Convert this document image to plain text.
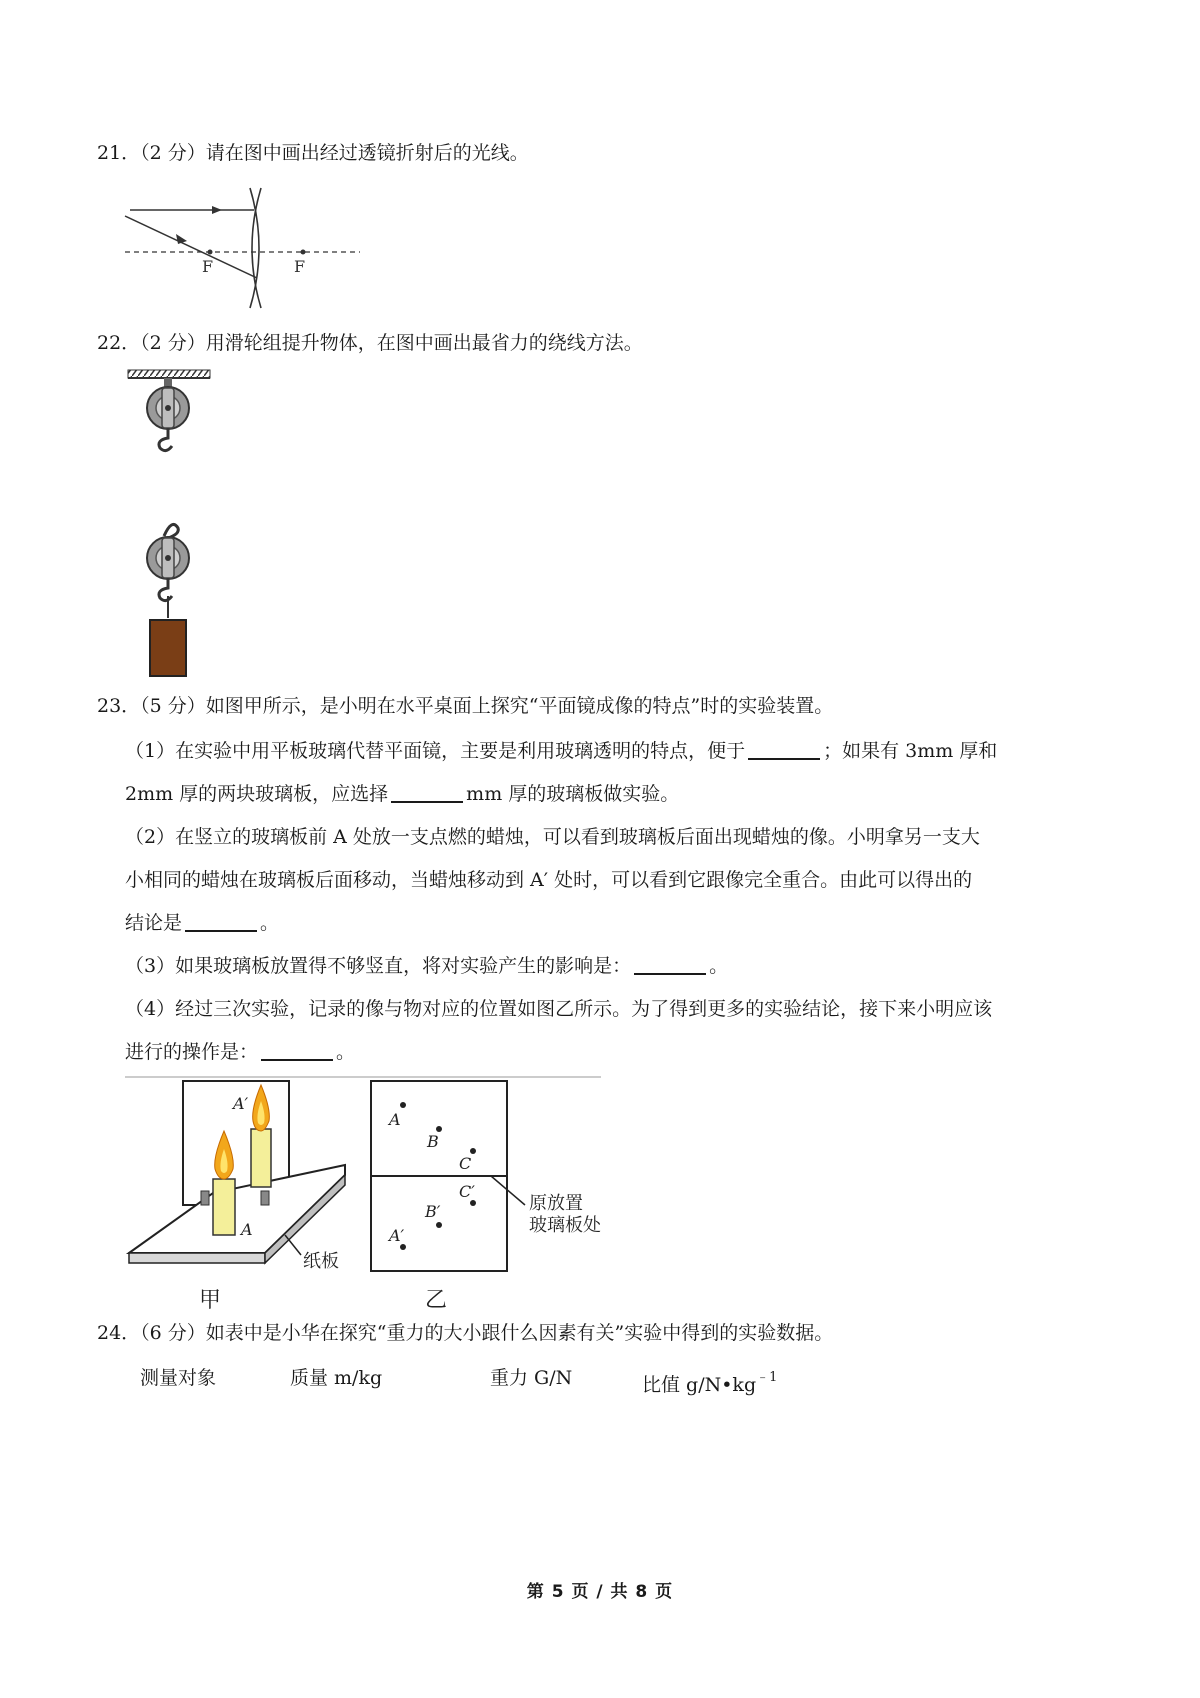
21．（2 分）请在图中画出经过透镜折射后的光线。
F	F
22．（2 分）用滑轮组提升物体，在图中画出最省力的绕线方法。
23．（5 分）如图甲所示，是小明在水平桌面上探究“平面镜成像的特点”时的实验装置。
（1）在实验中用平板玻璃代替平面镜，主要是利用玻璃透明的特点，便于	；如果有 3mm 厚和
2mm 厚的两块玻璃板，应选择	mm 厚的玻璃板做实验。
（2）在竖立的玻璃板前 A 处放一支点燃的蜡烛，可以看到玻璃板后面出现蜡烛的像。小明拿另一支大
小相同的蜡烛在玻璃板后面移动，当蜡烛移动到 A′ 处时，可以看到它跟像完全重合。由此可以得出的
结论是	。
（3）如果玻璃板放置得不够竖直，将对实验产生的影响是：	。
（4）经过三次实验，记录的像与物对应的位置如图乙所示。为了得到更多的实验结论，接下来小明应该
进行的操作是：	。
A′
A
纸板
甲
A
B
C
C′
B′
A′
原放置
玻璃板处
乙
24．（6 分）如表中是小华在探究“重力的大小跟什么因素有关”实验中得到的实验数据。
测量对象	质量 m/kg	重力 G/N	比值 $g/N•kg^{﹣1}$
第 5 页 / 共 8 页
